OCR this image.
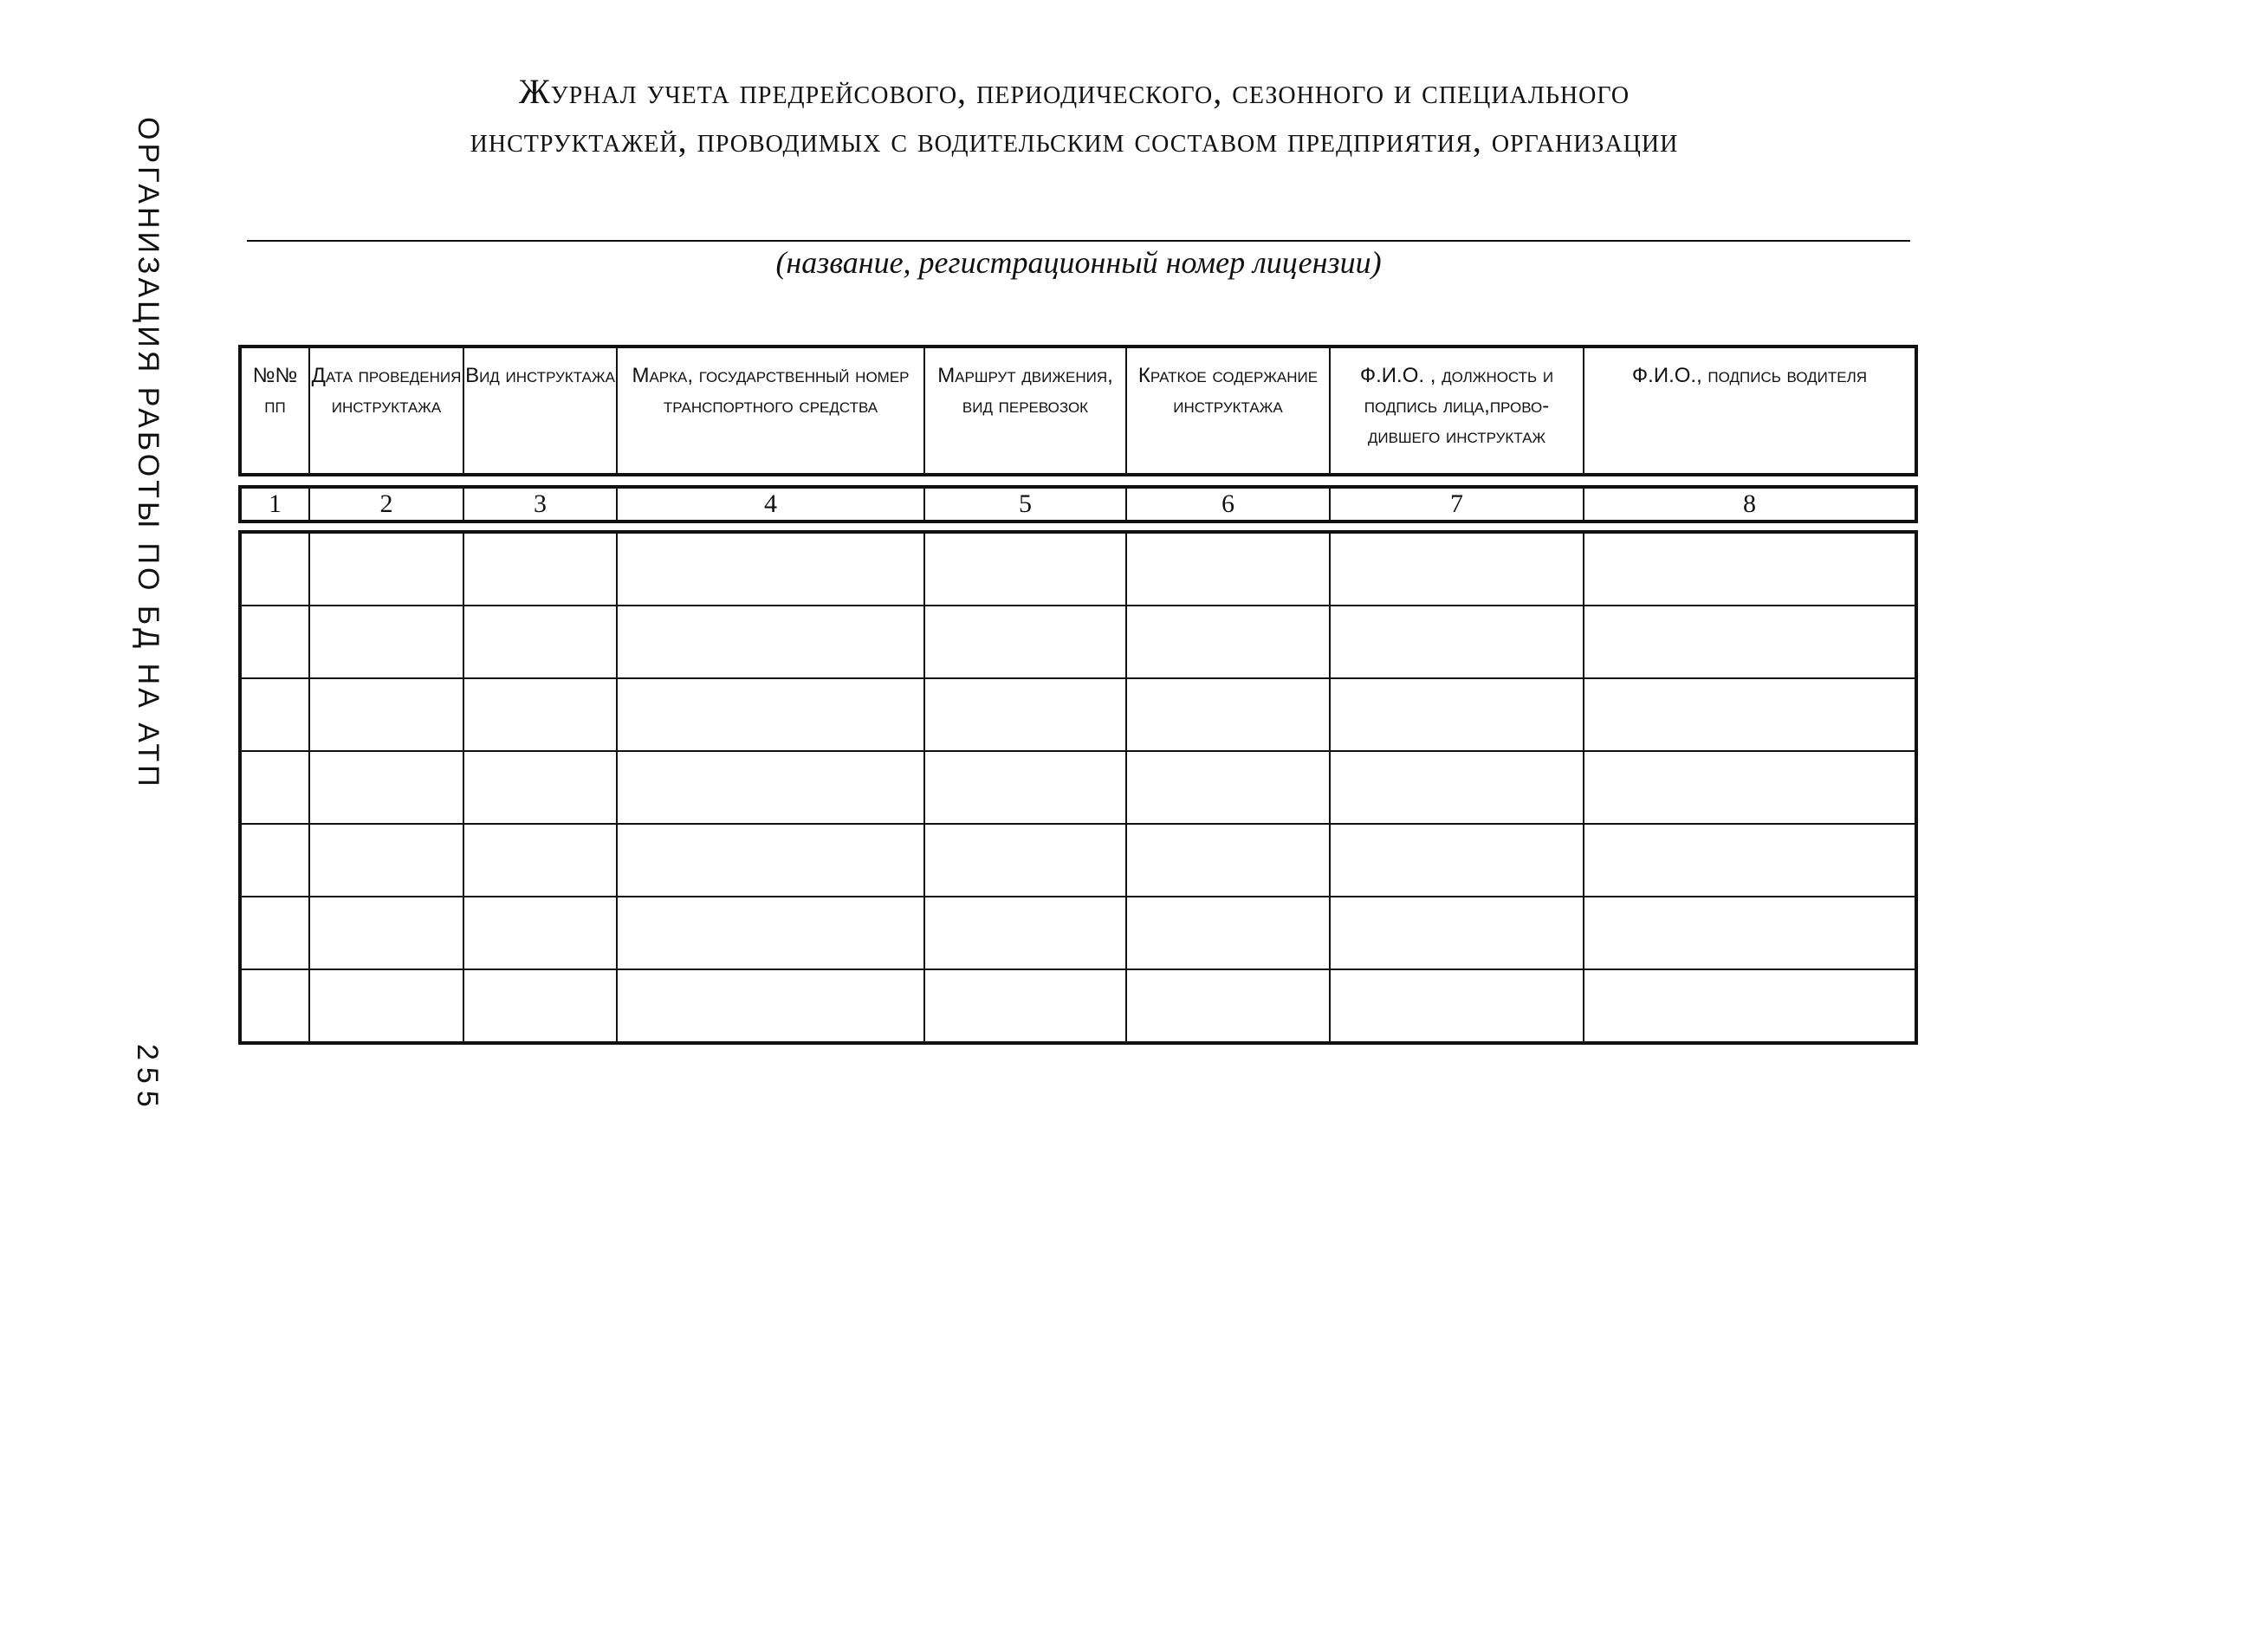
ОРГАНИЗАЦИЯ РАБОТЫ ПО БД НА АТП
255
Журнал учета предрейсового, периодического, сезонного и специального
инструктажей, проводимых с водительским составом предприятия, организации
(название, регистрационный номер лицензии)
№№ пп	Дата проведения инструктажа	Вид инструктажа	Марка, государственный номер транспортного средства	Маршрут движения, вид перевозок	Краткое содержание инструктажа	Ф.И.О. , должность и подпись лица,прово-дившего инструктаж	Ф.И.О., подпись водителя

1	2	3	4	5	6	7	8
